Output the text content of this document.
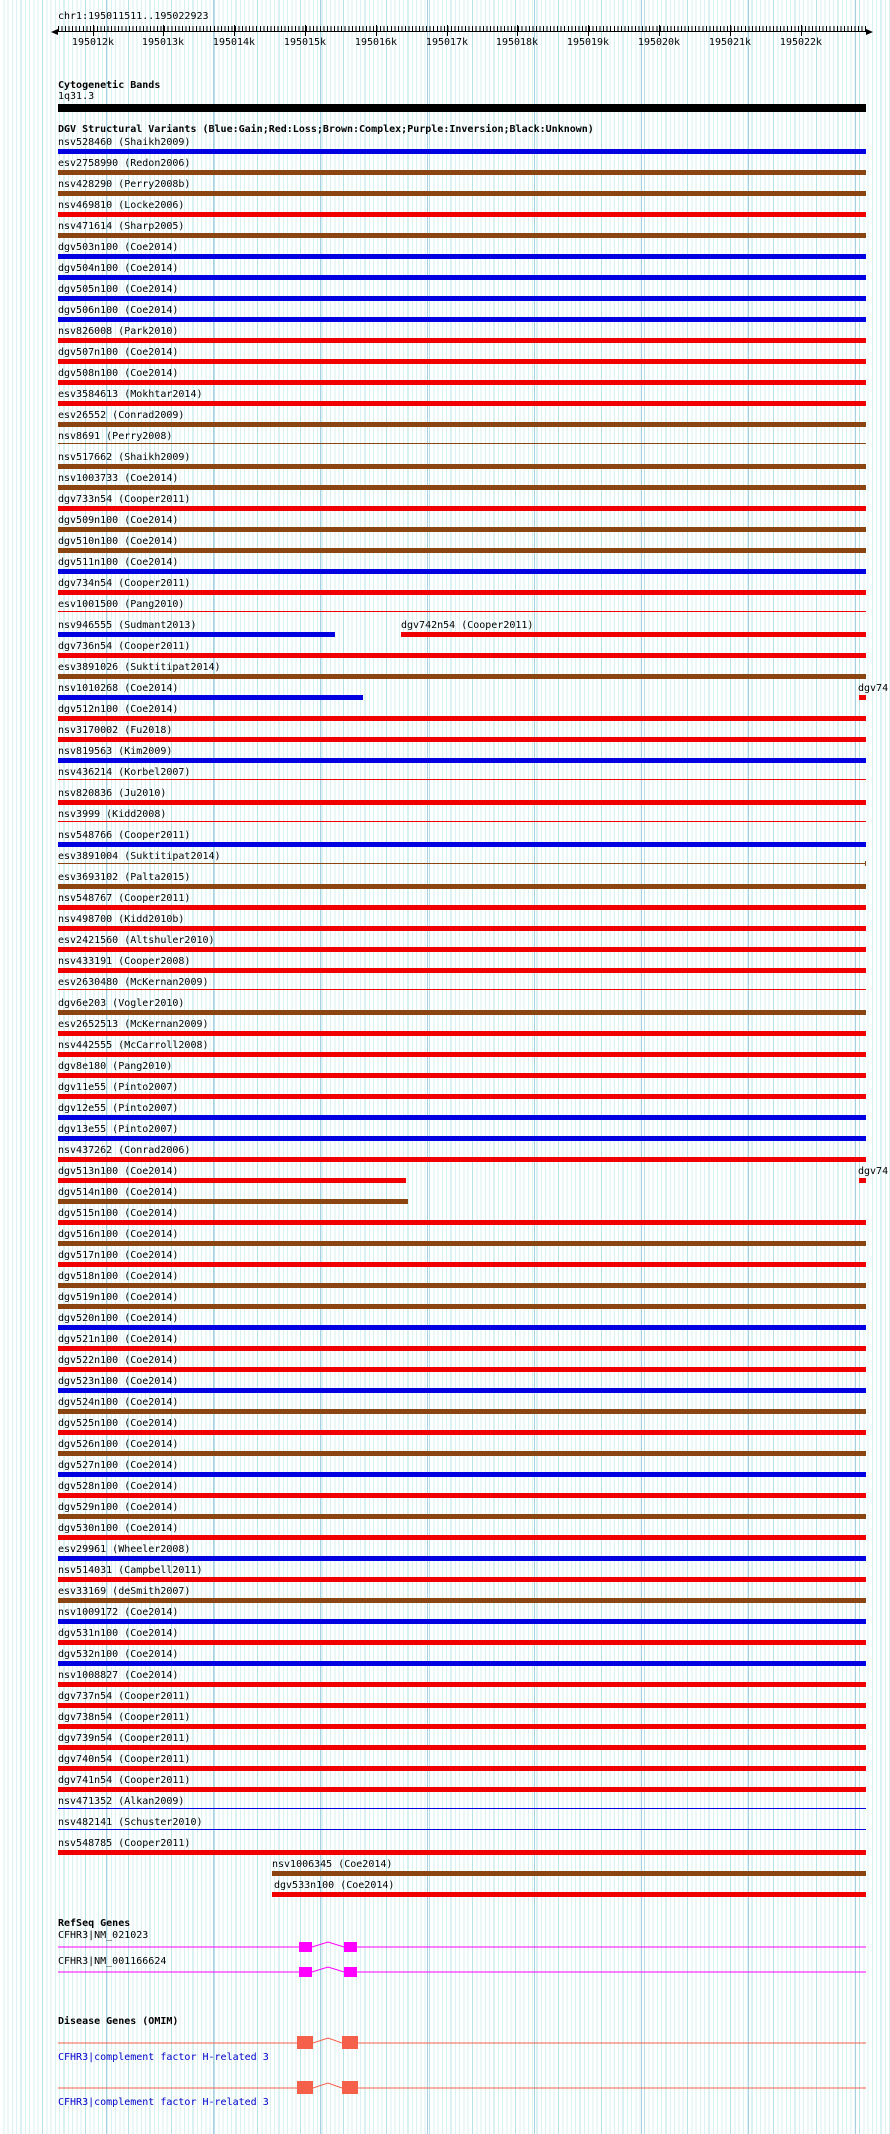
chr1:195011511..195022923
195012k	195013k	195014k	195015k	195016k	195017k	195018k	195019k	195020k	195021k	195022k
Cytogenetic Bands
1q31.3
DGV Structural Variants (Blue:Gain;Red:Loss;Brown:Complex;Purple:Inversion;Black:Unknown)
nsv528460 (Shaikh2009)
esv2758990 (Redon2006)
nsv428290 (Perry2008b)
nsv469810 (Locke2006)
nsv471614 (Sharp2005)
dgv503n100 (Coe2014)
dgv504n100 (Coe2014)
dgv505n100 (Coe2014)
dgv506n100 (Coe2014)
nsv826008 (Park2010)
dgv507n100 (Coe2014)
dgv508n100 (Coe2014)
esv3584613 (Mokhtar2014)
esv26552 (Conrad2009)
nsv8691 (Perry2008)
nsv517662 (Shaikh2009)
nsv1003733 (Coe2014)
dgv733n54 (Cooper2011)
dgv509n100 (Coe2014)
dgv510n100 (Coe2014)
dgv511n100 (Coe2014)
dgv734n54 (Cooper2011)
esv1001500 (Pang2010)
nsv946555 (Sudmant2013)	dgv742n54 (Cooper2011)
dgv736n54 (Cooper2011)
esv3891026 (Suktitipat2014)
nsv1010268 (Coe2014)	dgv74
dgv512n100 (Coe2014)
nsv3170002 (Fu2018)
nsv819563 (Kim2009)
nsv436214 (Korbel2007)
nsv820836 (Ju2010)
nsv3999 (Kidd2008)
nsv548766 (Cooper2011)
esv3891004 (Suktitipat2014)
esv3693102 (Palta2015)
nsv548767 (Cooper2011)
nsv498700 (Kidd2010b)
esv2421560 (Altshuler2010)
nsv433191 (Cooper2008)
esv2630480 (McKernan2009)
dgv6e203 (Vogler2010)
esv2652513 (McKernan2009)
nsv442555 (McCarroll2008)
dgv8e180 (Pang2010)
dgv11e55 (Pinto2007)
dgv12e55 (Pinto2007)
dgv13e55 (Pinto2007)
nsv437262 (Conrad2006)
dgv513n100 (Coe2014)	dgv74
dgv514n100 (Coe2014)
dgv515n100 (Coe2014)
dgv516n100 (Coe2014)
dgv517n100 (Coe2014)
dgv518n100 (Coe2014)
dgv519n100 (Coe2014)
dgv520n100 (Coe2014)
dgv521n100 (Coe2014)
dgv522n100 (Coe2014)
dgv523n100 (Coe2014)
dgv524n100 (Coe2014)
dgv525n100 (Coe2014)
dgv526n100 (Coe2014)
dgv527n100 (Coe2014)
dgv528n100 (Coe2014)
dgv529n100 (Coe2014)
dgv530n100 (Coe2014)
esv29961 (Wheeler2008)
nsv514031 (Campbell2011)
esv33169 (deSmith2007)
nsv1009172 (Coe2014)
dgv531n100 (Coe2014)
dgv532n100 (Coe2014)
nsv1008827 (Coe2014)
dgv737n54 (Cooper2011)
dgv738n54 (Cooper2011)
dgv739n54 (Cooper2011)
dgv740n54 (Cooper2011)
dgv741n54 (Cooper2011)
nsv471352 (Alkan2009)
nsv482141 (Schuster2010)
nsv548785 (Cooper2011)
nsv1006345 (Coe2014)
dgv533n100 (Coe2014)
RefSeq Genes
CFHR3|NM_021023
CFHR3|NM_001166624
Disease Genes (OMIM)
CFHR3|complement factor H-related 3
CFHR3|complement factor H-related 3
